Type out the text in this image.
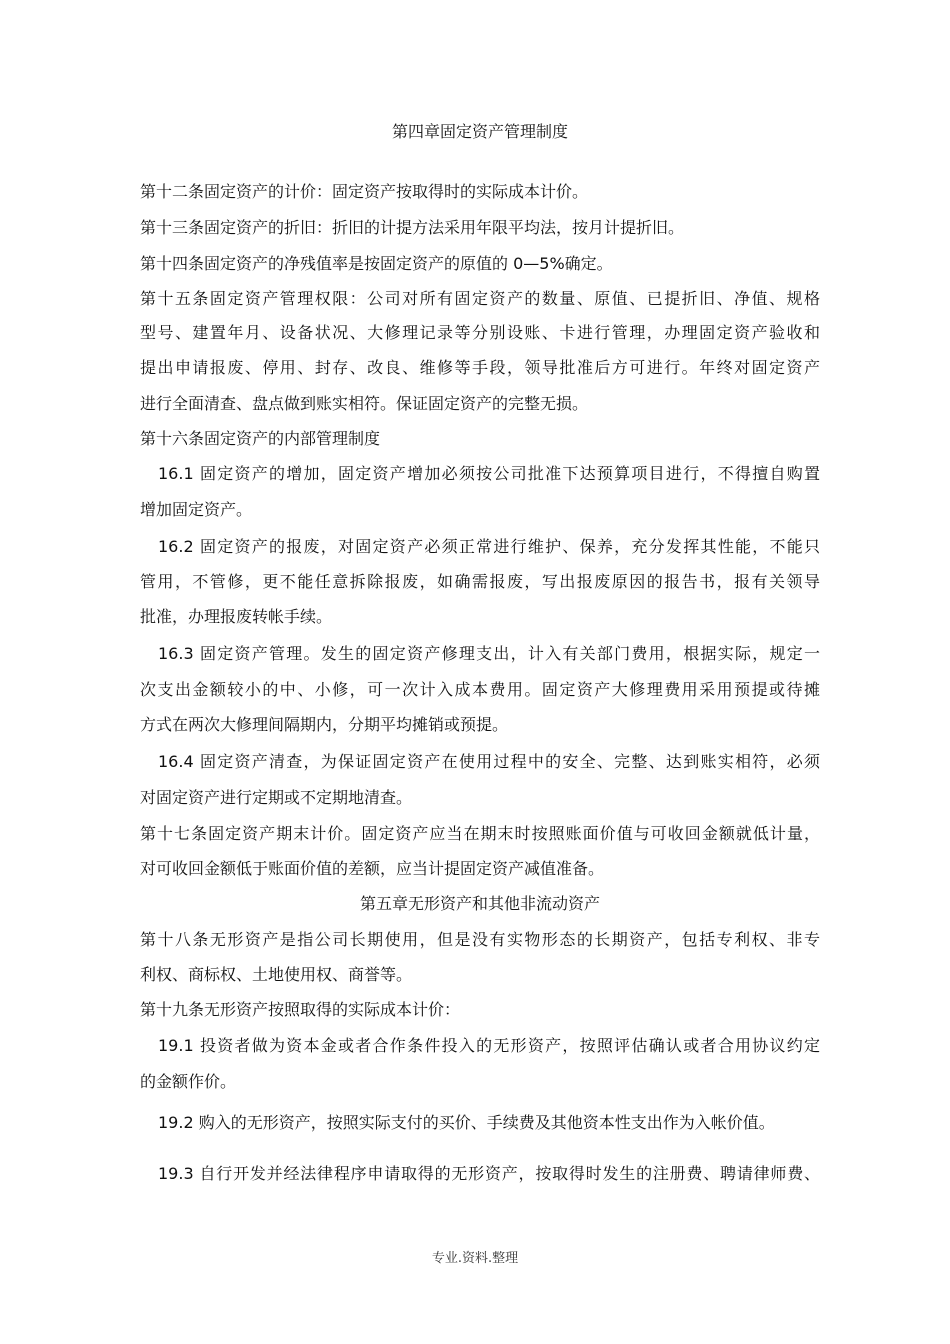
第四章固定资产管理制度
第十二条固定资产的计价：固定资产按取得时的实际成本计价。
第十三条固定资产的折旧：折旧的计提方法采用年限平均法，按月计提折旧。
第十四条固定资产的净残值率是按固定资产的原值的 0—5%确定。
第十五条固定资产管理权限：公司对所有固定资产的数量、原值、已提折旧、净值、规格
型号、建置年月、设备状况、大修理记录等分别设账、卡进行管理，办理固定资产验收和
提出申请报废、停用、封存、改良、维修等手段，领导批准后方可进行。年终对固定资产
进行全面清查、盘点做到账实相符。保证固定资产的完整无损。
第十六条固定资产的内部管理制度
16.1 固定资产的增加，固定资产增加必须按公司批准下达预算项目进行，不得擅自购置
增加固定资产。
16.2 固定资产的报废，对固定资产必须正常进行维护、保养，充分发挥其性能，不能只
管用，不管修，更不能任意拆除报废，如确需报废，写出报废原因的报告书，报有关领导
批准，办理报废转帐手续。
16.3 固定资产管理。发生的固定资产修理支出，计入有关部门费用，根据实际，规定一
次支出金额较小的中、小修，可一次计入成本费用。固定资产大修理费用采用预提或待摊
方式在两次大修理间隔期内，分期平均摊销或预提。
16.4 固定资产清查，为保证固定资产在使用过程中的安全、完整、达到账实相符，必须
对固定资产进行定期或不定期地清查。
第十七条固定资产期末计价。固定资产应当在期末时按照账面价值与可收回金额就低计量，
对可收回金额低于账面价值的差额，应当计提固定资产减值准备。
第五章无形资产和其他非流动资产
第十八条无形资产是指公司长期使用，但是没有实物形态的长期资产，包括专利权、非专
利权、商标权、土地使用权、商誉等。
第十九条无形资产按照取得的实际成本计价：
19.1 投资者做为资本金或者合作条件投入的无形资产，按照评估确认或者合用协议约定
的金额作价。
19.2 购入的无形资产，按照实际支付的买价、手续费及其他资本性支出作为入帐价值。
19.3 自行开发并经法律程序申请取得的无形资产，按取得时发生的注册费、聘请律师费、
专业.资料.整理
